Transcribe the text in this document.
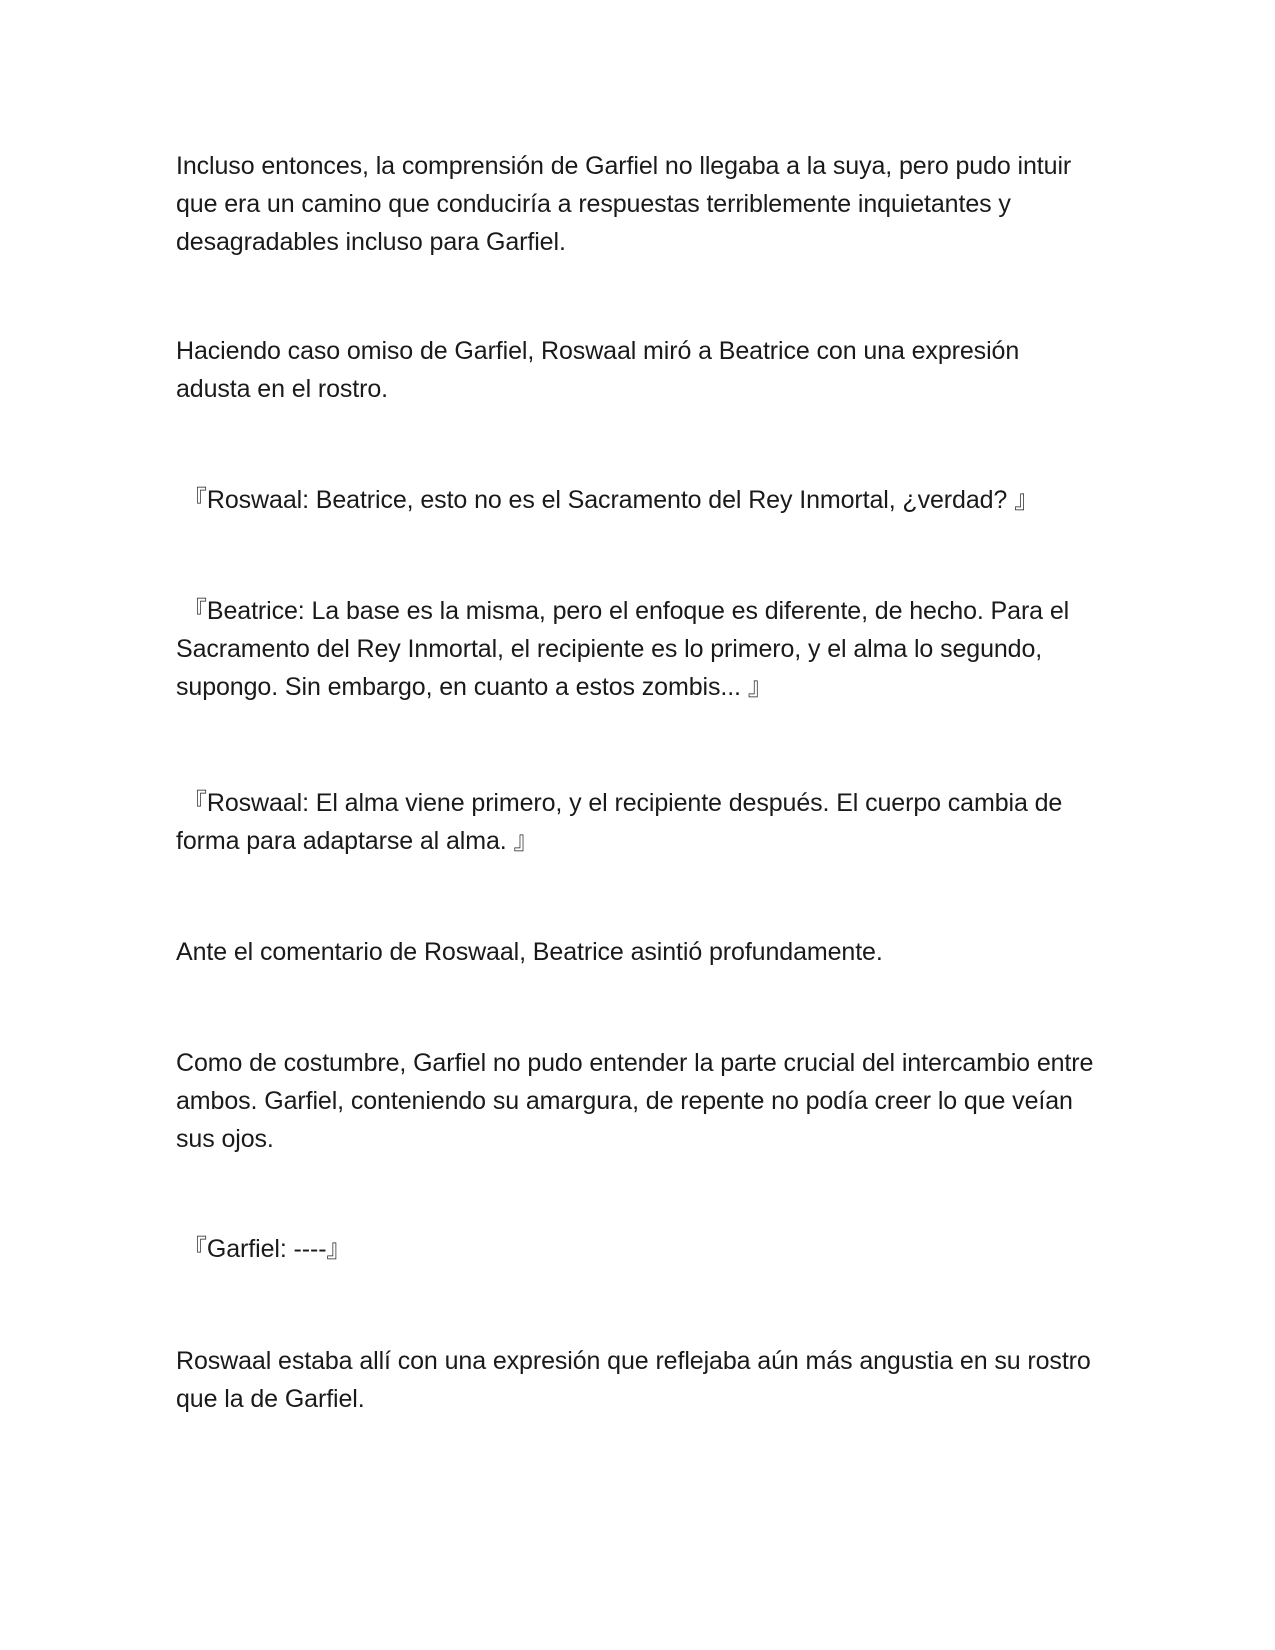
Incluso entonces, la comprensión de Garfiel no llegaba a la suya, pero pudo intuir que era un camino que conduciría a respuestas terriblemente inquietantes y desagradables incluso para Garfiel.

Haciendo caso omiso de Garfiel, Roswaal miró a Beatrice con una expresión adusta en el rostro.

『Roswaal: Beatrice, esto no es el Sacramento del Rey Inmortal, ¿verdad? 』

『Beatrice: La base es la misma, pero el enfoque es diferente, de hecho. Para el Sacramento del Rey Inmortal, el recipiente es lo primero, y el alma lo segundo, supongo. Sin embargo, en cuanto a estos zombis... 』

『Roswaal: El alma viene primero, y el recipiente después. El cuerpo cambia de forma para adaptarse al alma. 』

Ante el comentario de Roswaal, Beatrice asintió profundamente.

Como de costumbre, Garfiel no pudo entender la parte crucial del intercambio entre ambos. Garfiel, conteniendo su amargura, de repente no podía creer lo que veían sus ojos.

『Garfiel: ----』

Roswaal estaba allí con una expresión que reflejaba aún más angustia en su rostro que la de Garfiel.
